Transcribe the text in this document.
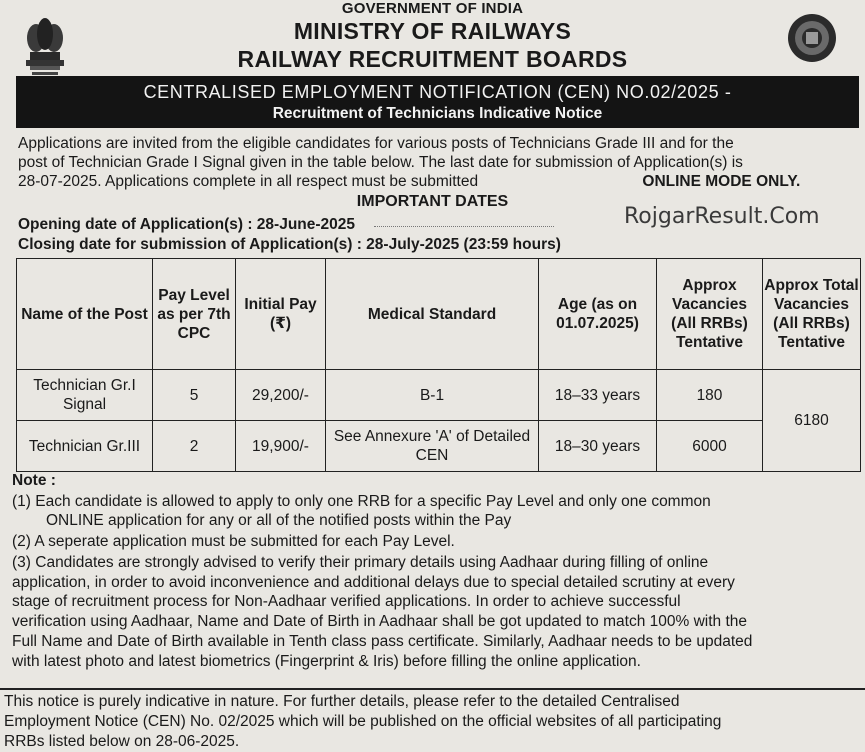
GOVERNMENT OF INDIA
MINISTRY OF RAILWAYS
RAILWAY RECRUITMENT BOARDS
CENTRALISED EMPLOYMENT NOTIFICATION (CEN) NO.02/2025 -
Recruitment of Technicians Indicative Notice
Applications are invited from the eligible candidates for various posts of Technicians Grade III and for the
post of Technician Grade I Signal given in the table below. The last date for submission of Application(s) is
28-07-2025. Applications complete in all respect must be submitted	ONLINE MODE ONLY.
IMPORTANT DATES
Opening date of Application(s) : 28-June-2025
Closing date for submission of Application(s) : 28-July-2025 (23:59 hours)
RojgarResult.Com
Name of the Post	Pay Level as per 7th CPC	Initial Pay (₹)	Medical Standard	Age (as on 01.07.2025)	Approx Vacancies (All RRBs) Tentative	Approx Total Vacancies (All RRBs) Tentative
Technician Gr.I Signal	5	29,200/-	B-1	18–33 years	180	6180
Technician Gr.III	2	19,900/-	See Annexure 'A' of Detailed CEN	18–30 years	6000	
Note :
(1) Each candidate is allowed to apply to only one RRB for a specific Pay Level and only one common
ONLINE application for any or all of the notified posts within the Pay
(2) A seperate application must be submitted for each Pay Level.
(3) Candidates are strongly advised to verify their primary details using Aadhaar during filling of online
application, in order to avoid inconvenience and additional delays due to special detailed scrutiny at every
stage of recruitment process for Non-Aadhaar verified applications. In order to achieve successful
verification using Aadhaar, Name and Date of Birth in Aadhaar shall be got updated to match 100% with the
Full Name and Date of Birth available in Tenth class pass certificate. Similarly, Aadhaar needs to be updated
with latest photo and latest biometrics (Fingerprint & Iris) before filling the online application.
This notice is purely indicative in nature. For further details, please refer to the detailed Centralised
Employment Notice (CEN) No. 02/2025 which will be published on the official websites of all participating
RRBs listed below on 28-06-2025.
